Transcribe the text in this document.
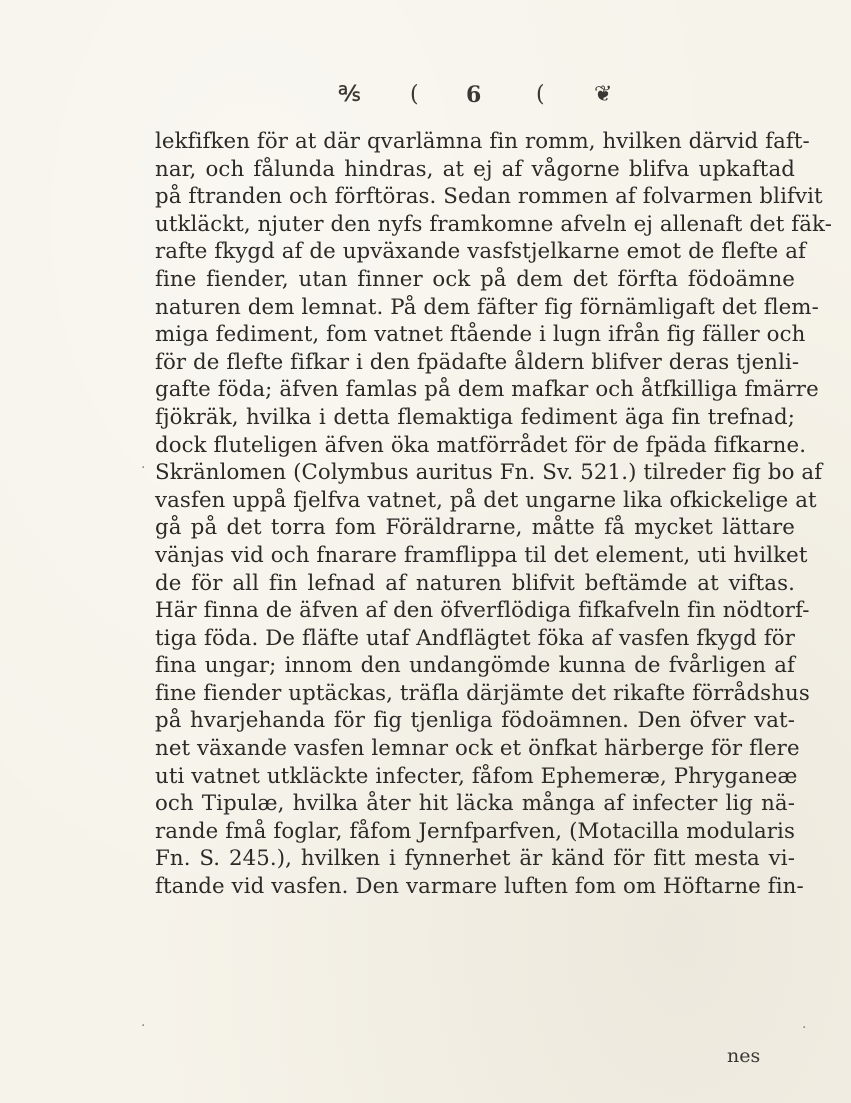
℁ ( 6 ( ❦
lekfifken för at där qvarlämna fin romm, hvilken därvid faft-
nar, och fålunda hindras, at ej af vågorne blifva upkaftad
på ftranden och förftöras. Sedan rommen af folvarmen blifvit
utkläckt, njuter den nyfs framkomne afveln ej allenaft det fäk-
rafte fkygd af de upväxande vasfstjelkarne emot de flefte af
fine fiender, utan finner ock på dem det förfta födoämne
naturen dem lemnat. På dem fäfter fig förnämligaft det flem-
miga fediment, fom vatnet ftående i lugn ifrån fig fäller och
för de flefte fifkar i den fpädafte åldern blifver deras tjenli-
gafte föda; äfven famlas på dem mafkar och åtfkilliga fmärre
fjökräk, hvilka i detta flemaktiga fediment äga fin trefnad;
dock fluteligen äfven öka matförrådet för de fpäda fifkarne.
Skränlomen (Colymbus auritus Fn. Sv. 521.) tilreder fig bo af
vasfen uppå fjelfva vatnet, på det ungarne lika ofkickelige at
gå på det torra fom Föräldrarne, måtte få mycket lättare
vänjas vid och fnarare framflippa til det element, uti hvilket
de för all fin lefnad af naturen blifvit beftämde at viftas.
Här finna de äfven af den öfverflödiga fifkafveln fin nödtorf-
tiga föda. De fläfte utaf Andflägtet föka af vasfen fkygd för
fina ungar; innom den undangömde kunna de fvårligen af
fine fiender uptäckas, träfla därjämte det rikafte förrådshus
på hvarjehanda för fig tjenliga födoämnen. Den öfver vat-
net växande vasfen lemnar ock et önfkat härberge för flere
uti vatnet utkläckte infecter, fåfom Ephemeræ, Phryganeæ
och Tipulæ, hvilka åter hit läcka många af infecter lig nä-
rande fmå foglar, fåfom Jernfparfven, (Motacilla modularis
Fn. S. 245.), hvilken i fynnerhet är känd för fitt mesta vi-
ftande vid vasfen. Den varmare luften fom om Höftarne fin-
nes
·
·	·
